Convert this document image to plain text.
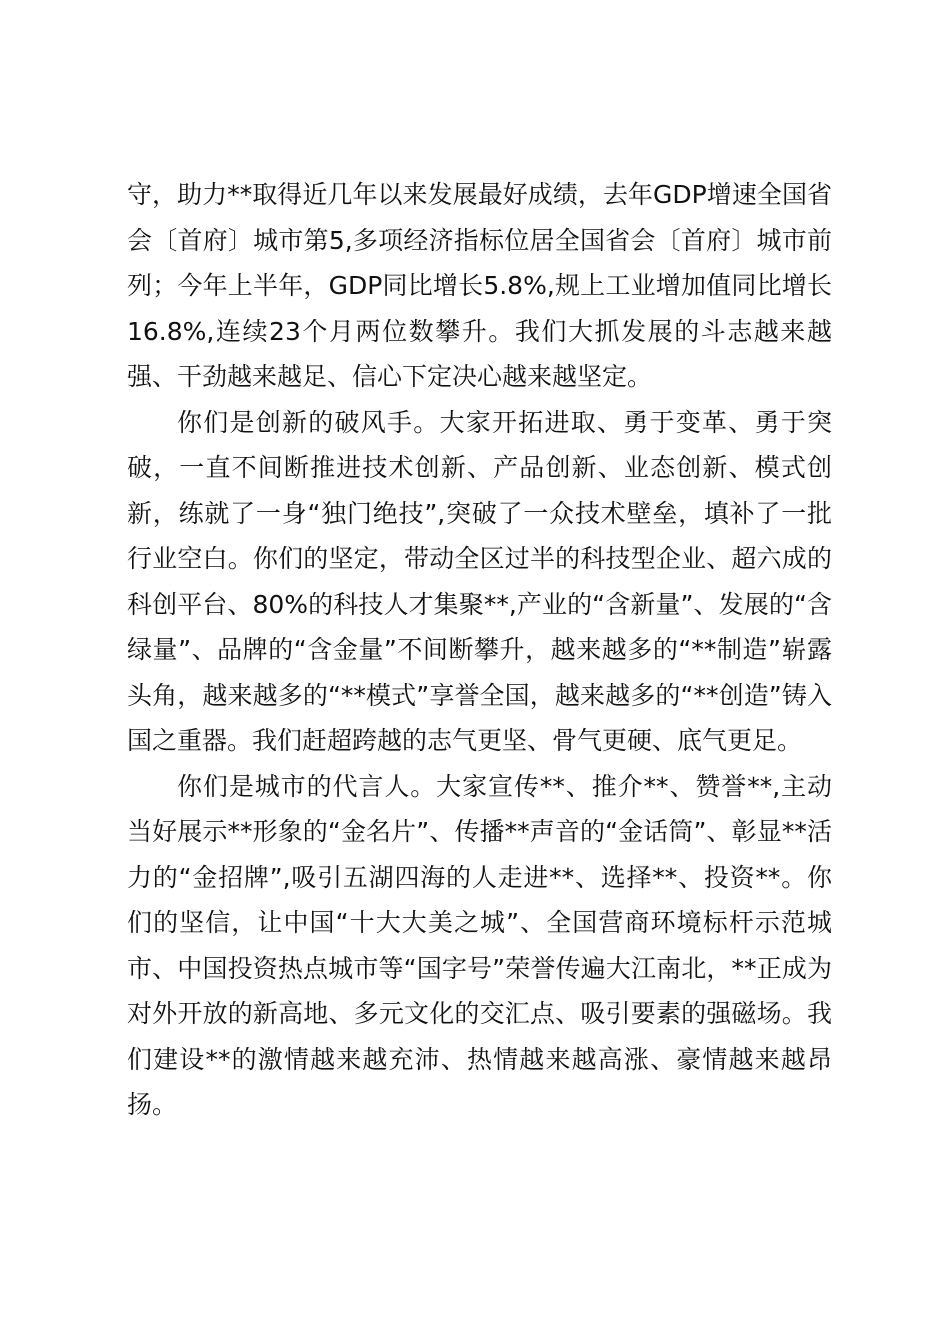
守，助力**取得近几年以来发展最好成绩，去年GDP增速全国省会〔首府〕城市第5,多项经济指标位居全国省会〔首府〕城市前列；今年上半年，GDP同比增长5.8%,规上工业增加值同比增长16.8%,连续23个月两位数攀升。我们大抓发展的斗志越来越强、干劲越来越足、信心下定决心越来越坚定。

你们是创新的破风手。大家开拓进取、勇于变革、勇于突破，一直不间断推进技术创新、产品创新、业态创新、模式创新，练就了一身“独门绝技”,突破了一众技术壁垒，填补了一批行业空白。你们的坚定，带动全区过半的科技型企业、超六成的科创平台、80%的科技人才集聚**,产业的“含新量”、发展的“含绿量”、品牌的“含金量”不间断攀升，越来越多的“**制造”崭露头角，越来越多的“**模式”享誉全国，越来越多的“**创造”铸入国之重器。我们赶超跨越的志气更坚、骨气更硬、底气更足。

你们是城市的代言人。大家宣传**、推介**、赞誉**,主动当好展示**形象的“金名片”、传播**声音的“金话筒”、彰显**活力的“金招牌”,吸引五湖四海的人走进**、选择**、投资**。你们的坚信，让中国“十大大美之城”、全国营商环境标杆示范城市、中国投资热点城市等“国字号”荣誉传遍大江南北，**正成为对外开放的新高地、多元文化的交汇点、吸引要素的强磁场。我们建设**的激情越来越充沛、热情越来越高涨、豪情越来越昂扬。
